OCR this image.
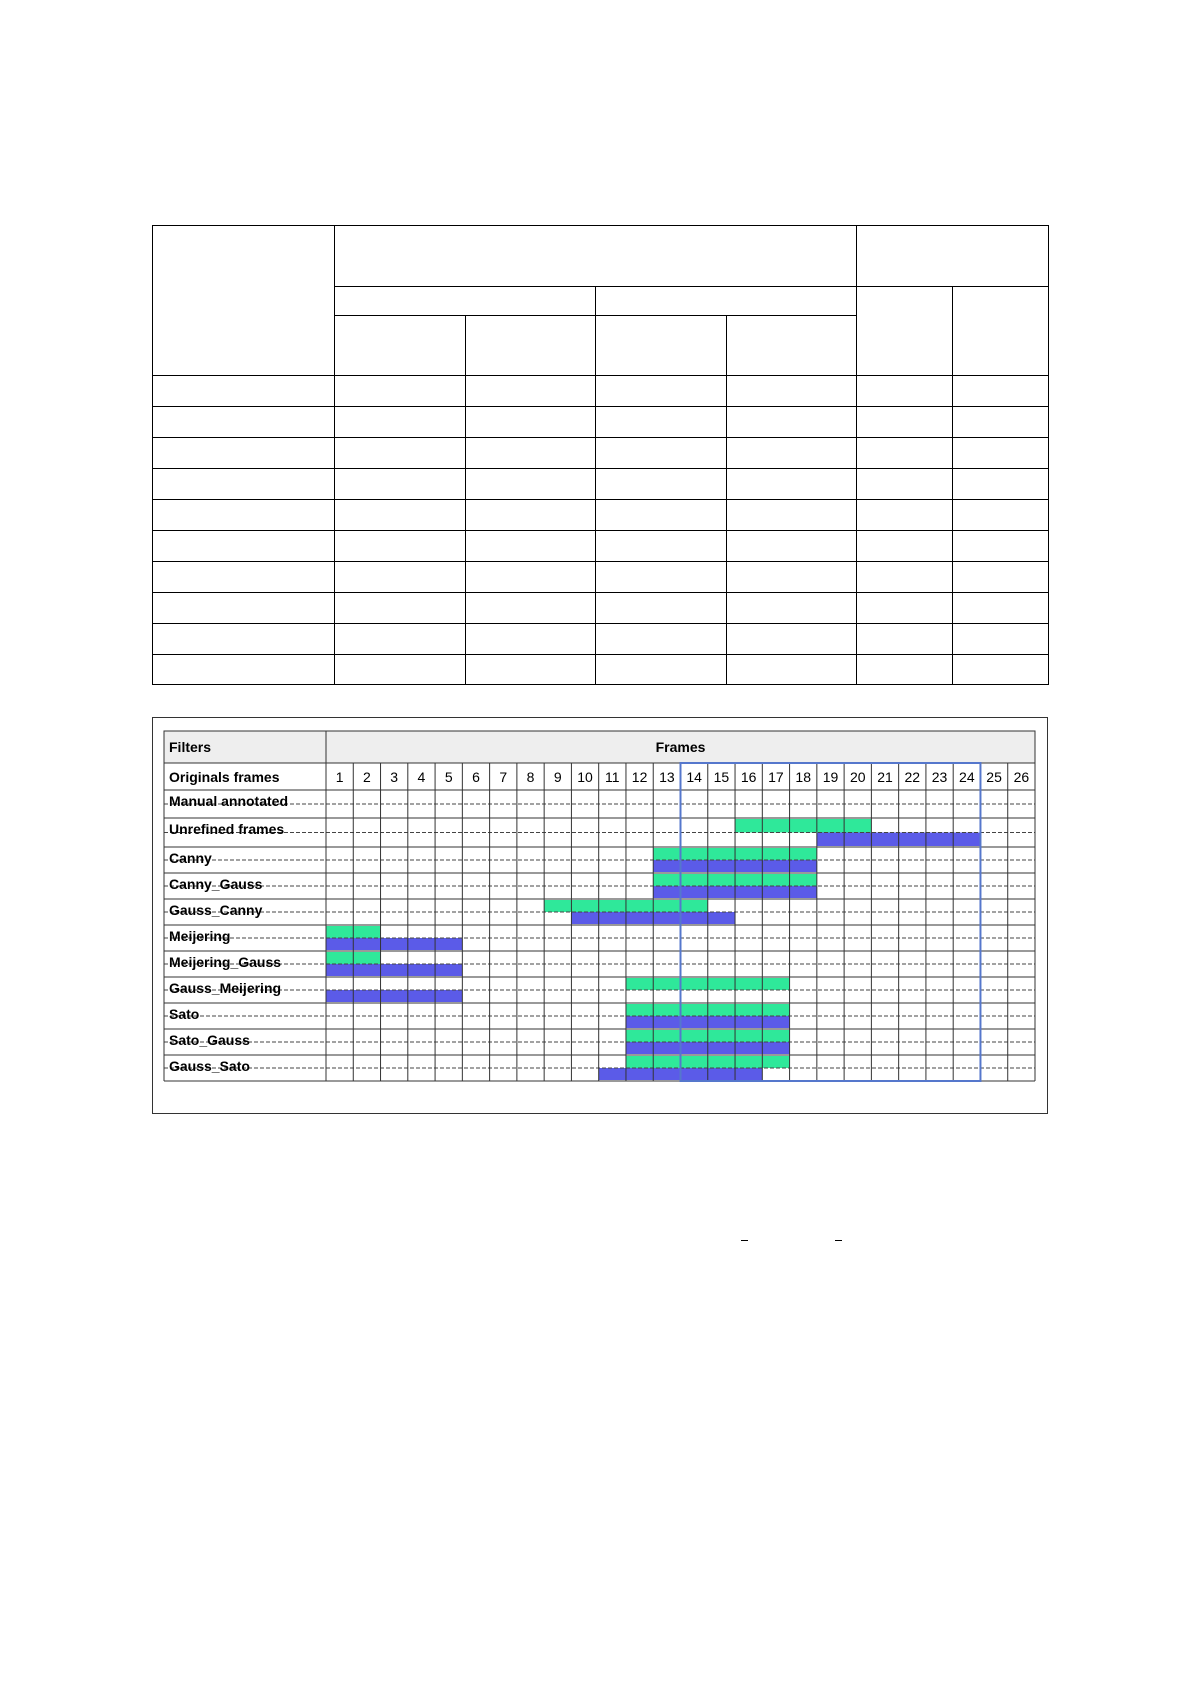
Filters	Frames
Originals frames	1 2 3 4 5 6 7 8 9 10 11 12 13 14 15 16 17 18 19 20 21 22 23 24 25 26
Manual annotated
Unrefined frames
Canny
Canny_Gauss
Gauss_Canny
Meijering
Meijering_Gauss
Gauss_Meijering
Sato
Sato_Gauss
Gauss_Sato
